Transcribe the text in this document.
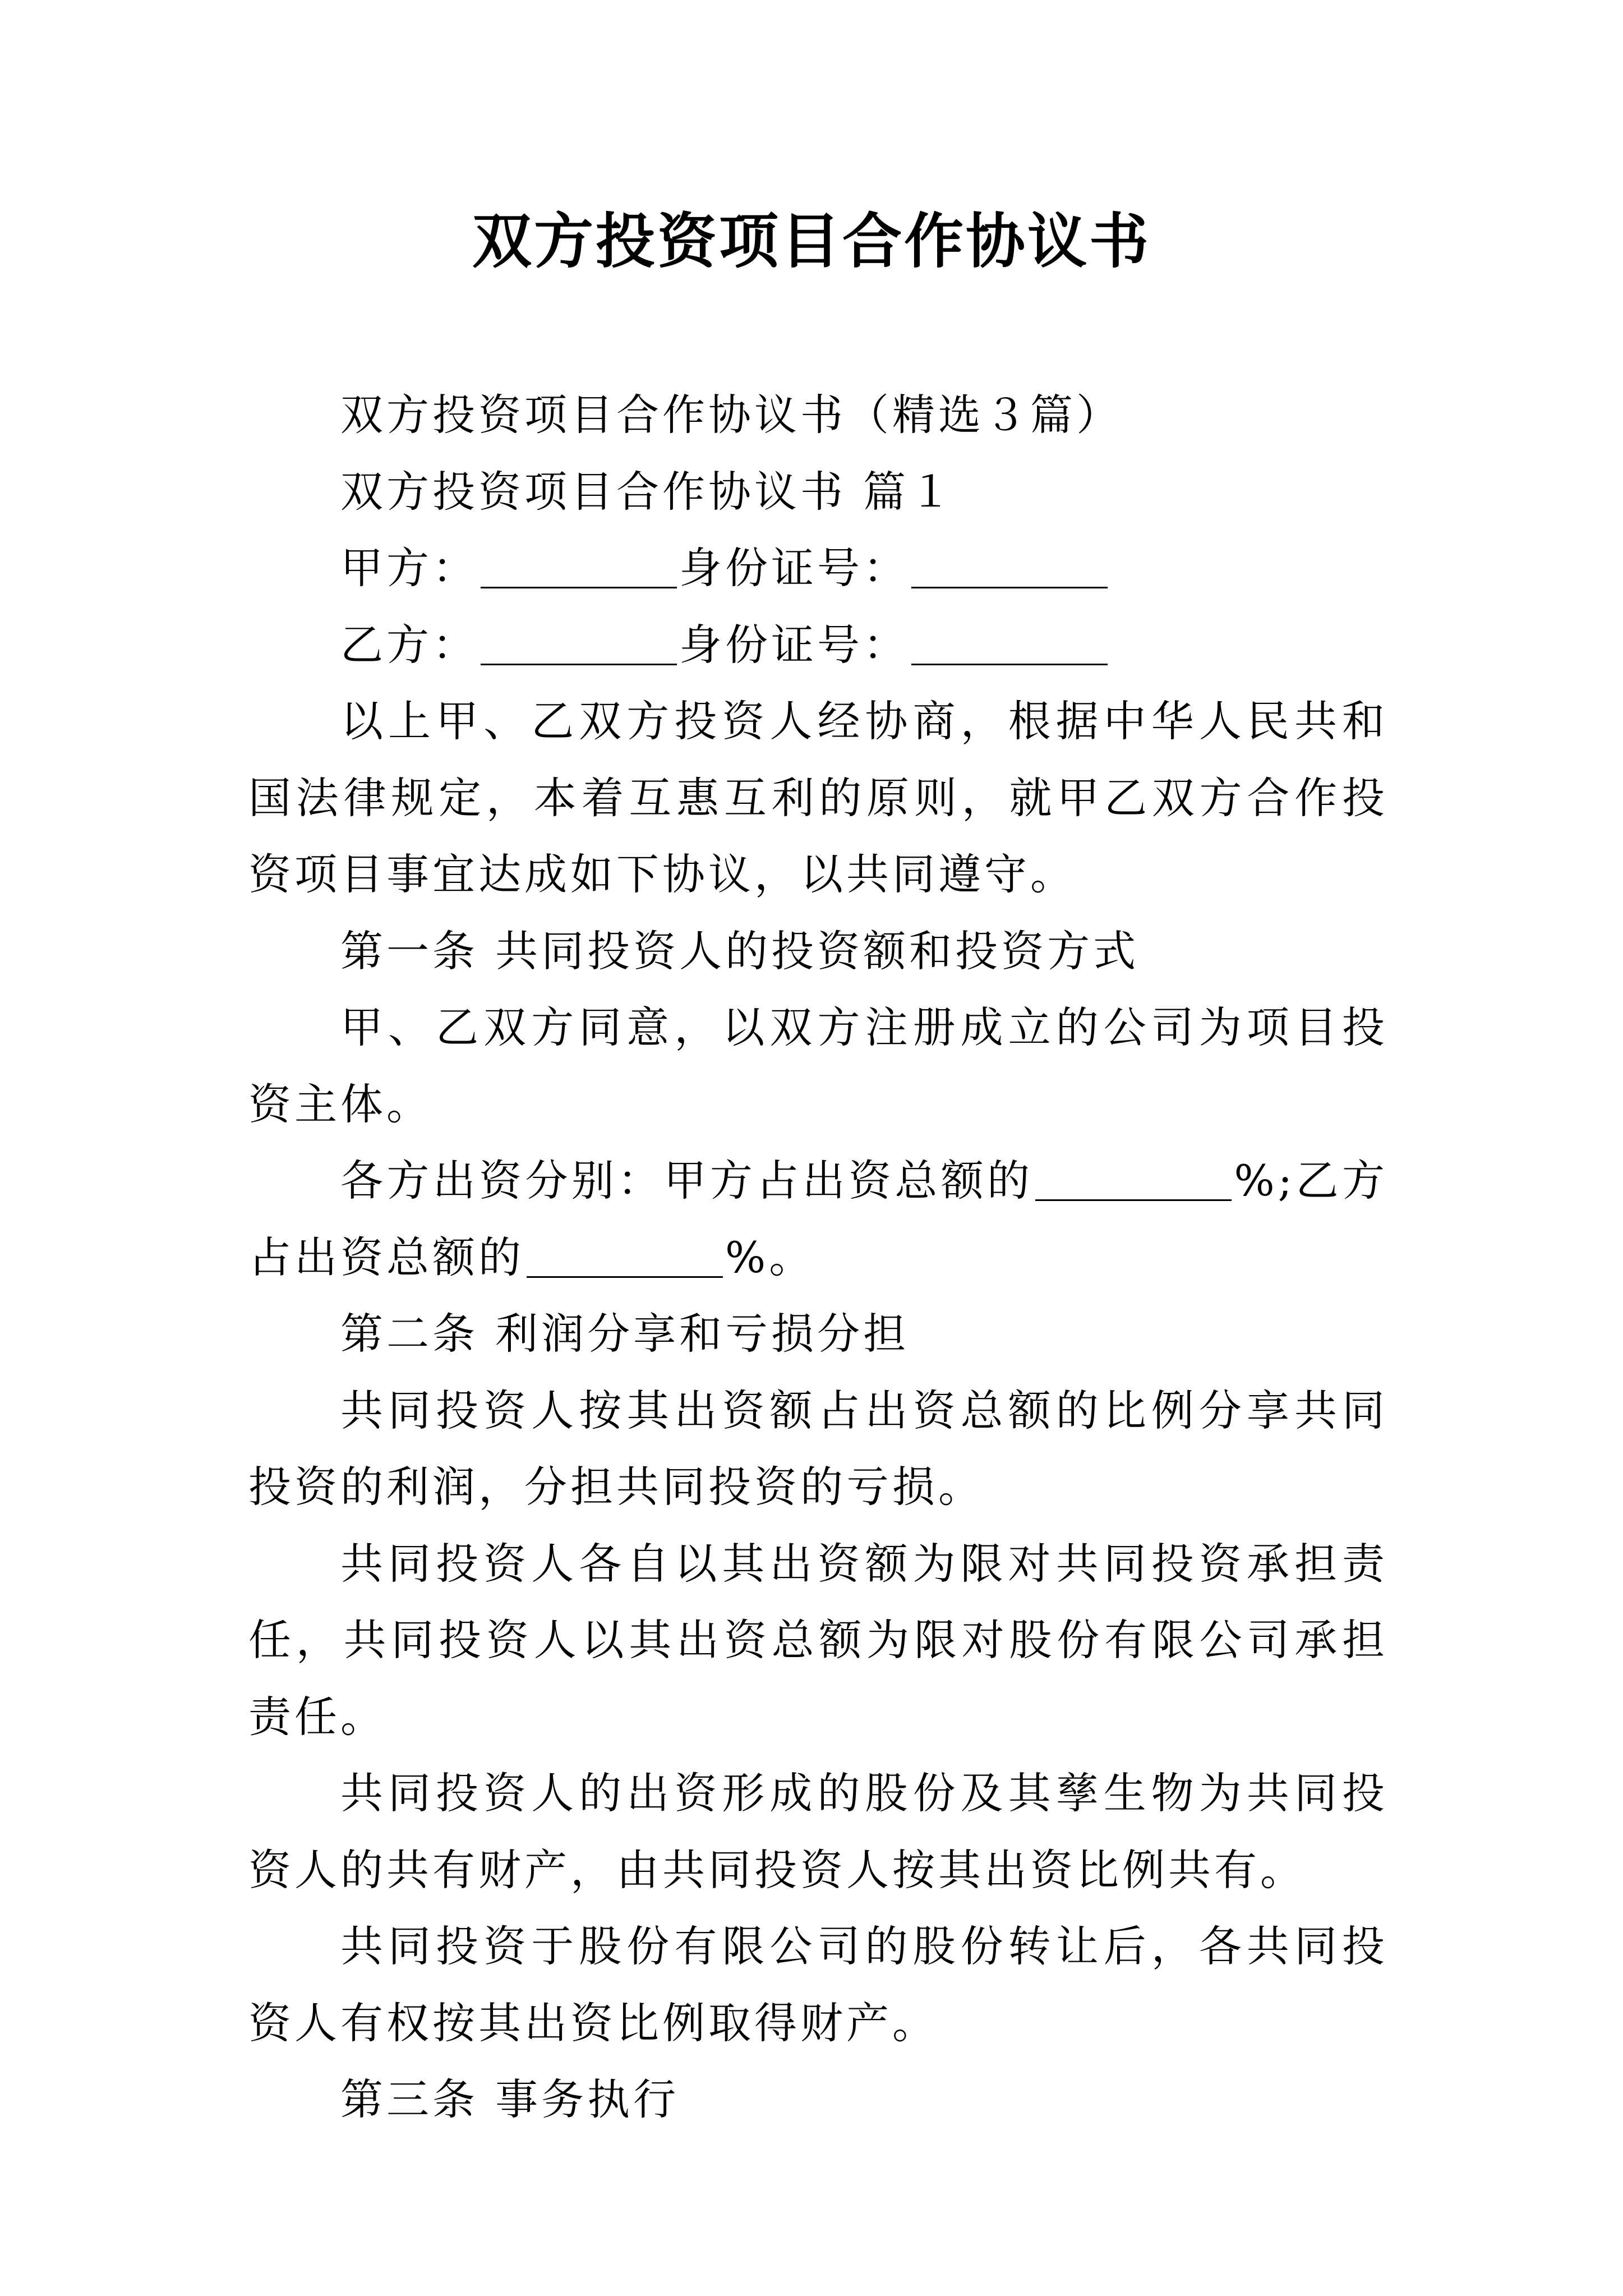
双方投资项目合作协议书

双方投资项目合作协议书（精选３篇）

双方投资项目合作协议书 篇１

甲方：	身份证号：

乙方：	身份证号：

以上甲、乙双方投资人经协商，根据中华人民共和国法律规定，本着互惠互利的原则，就甲乙双方合作投资项目事宜达成如下协议，以共同遵守。

第一条 共同投资人的投资额和投资方式

甲、乙双方同意，以双方注册成立的公司为项目投资主体。

各方出资分别：甲方占出资总额的	%;乙方占出资总额的	%。

第二条 利润分享和亏损分担

共同投资人按其出资额占出资总额的比例分享共同投资的利润，分担共同投资的亏损。

共同投资人各自以其出资额为限对共同投资承担责任，共同投资人以其出资总额为限对股份有限公司承担责任。

共同投资人的出资形成的股份及其孳生物为共同投资人的共有财产，由共同投资人按其出资比例共有。

共同投资于股份有限公司的股份转让后，各共同投资人有权按其出资比例取得财产。

第三条 事务执行
